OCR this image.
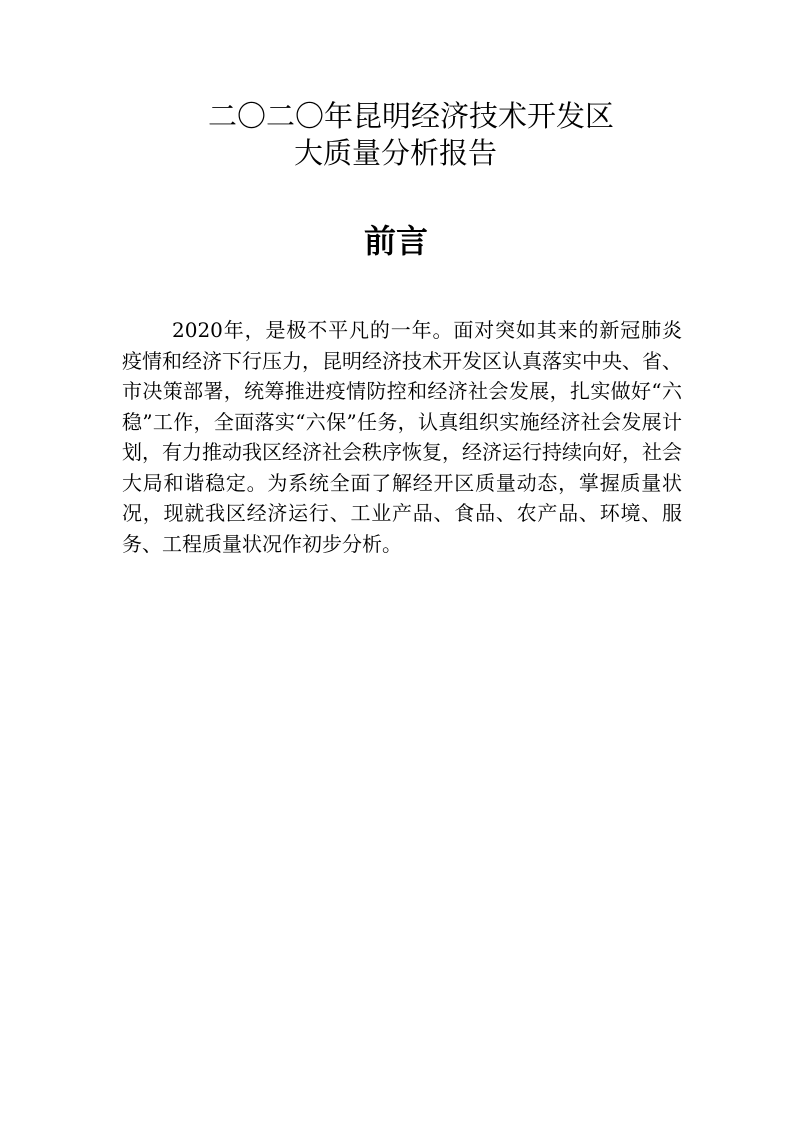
二〇二〇年昆明经济技术开发区
大质量分析报告
前言

2020年，是极不平凡的一年。面对突如其来的新冠肺炎疫情和经济下行压力，昆明经济技术开发区认真落实中央、省、市决策部署，统筹推进疫情防控和经济社会发展，扎实做好“六稳”工作，全面落实“六保”任务，认真组织实施经济社会发展计划，有力推动我区经济社会秩序恢复，经济运行持续向好，社会大局和谐稳定。为系统全面了解经开区质量动态，掌握质量状况，现就我区经济运行、工业产品、食品、农产品、环境、服务、工程质量状况作初步分析。
